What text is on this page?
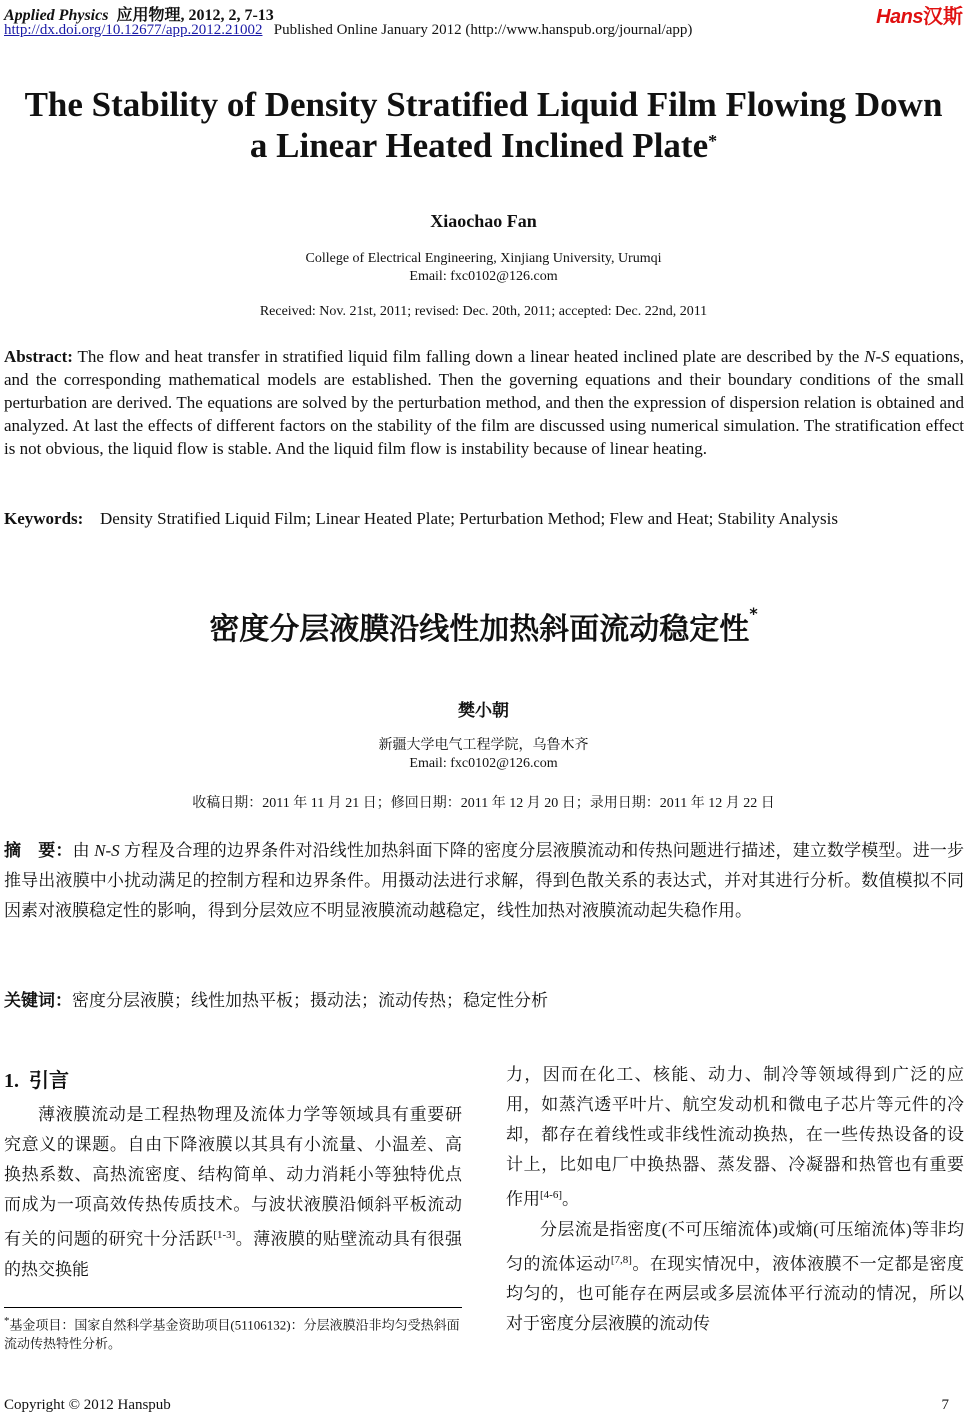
Applied Physics 应用物理, 2012, 2, 7-13
http://dx.doi.org/10.12677/app.2012.21002 Published Online January 2012 (http://www.hanspub.org/journal/app)
Hans汉斯
The Stability of Density Stratified Liquid Film Flowing Down
a Linear Heated Inclined Plate*
Xiaochao Fan
College of Electrical Engineering, Xinjiang University, Urumqi
Email: fxc0102@126.com
Received: Nov. 21st, 2011; revised: Dec. 20th, 2011; accepted: Dec. 22nd, 2011
Abstract: The flow and heat transfer in stratified liquid film falling down a linear heated inclined plate are described by the N-S equations, and the corresponding mathematical models are established. Then the governing equations and their boundary conditions of the small perturbation are derived. The equations are solved by the perturbation method, and then the expression of dispersion relation is obtained and analyzed. At last the effects of different factors on the stability of the film are discussed using numerical simulation. The stratification effect is not obvious, the liquid flow is stable. And the liquid film flow is instability because of linear heating.
Keywords: Density Stratified Liquid Film; Linear Heated Plate; Perturbation Method; Flew and Heat; Stability Analysis
密度分层液膜沿线性加热斜面流动稳定性*
樊小朝
新疆大学电气工程学院，乌鲁木齐
Email: fxc0102@126.com
收稿日期：2011 年 11 月 21 日；修回日期：2011 年 12 月 20 日；录用日期：2011 年 12 月 22 日
摘　要：由 N-S 方程及合理的边界条件对沿线性加热斜面下降的密度分层液膜流动和传热问题进行描述，建立数学模型。进一步推导出液膜中小扰动满足的控制方程和边界条件。用摄动法进行求解，得到色散关系的表达式，并对其进行分析。数值模拟不同因素对液膜稳定性的影响，得到分层效应不明显液膜流动越稳定，线性加热对液膜流动起失稳作用。
关键词：密度分层液膜；线性加热平板；摄动法；流动传热；稳定性分析
1. 引言
薄液膜流动是工程热物理及流体力学等领域具有重要研究意义的课题。自由下降液膜以其具有小流量、小温差、高换热系数、高热流密度、结构简单、动力消耗小等独特优点而成为一项高效传热传质技术。与波状液膜沿倾斜平板流动有关的问题的研究十分活跃[1-3]。薄液膜的贴壁流动具有很强的热交换能
力，因而在化工、核能、动力、制冷等领域得到广泛的应用，如蒸汽透平叶片、航空发动机和微电子芯片等元件的冷却，都存在着线性或非线性流动换热，在一些传热设备的设计上，比如电厂中换热器、蒸发器、冷凝器和热管也有重要作用[4-6]。
分层流是指密度(不可压缩流体)或熵(可压缩流体)等非均匀的流体运动[7,8]。在现实情况中，液体液膜不一定都是密度均匀的，也可能存在两层或多层流体平行流动的情况，所以对于密度分层液膜的流动传
*基金项目：国家自然科学基金资助项目(51106132)：分层液膜沿非均匀受热斜面流动传热特性分析。
Copyright © 2012 Hanspub	7
